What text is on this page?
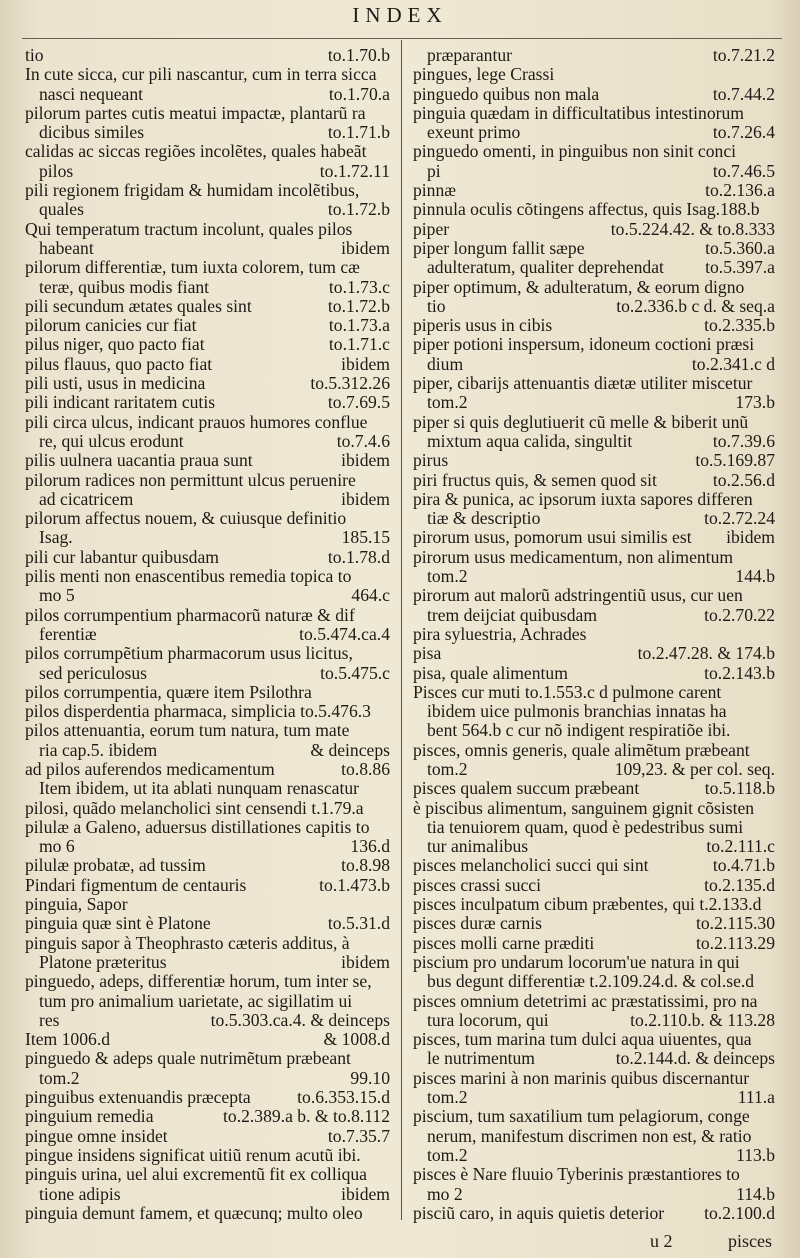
INDEX
tio	to.1.70.b
In cute sicca, cur pili nascantur, cum in terra sicca
nasci nequeant	to.1.70.a
pilorum partes cutis meatui impactæ, plantarũ ra
dicibus similes	to.1.71.b
calidas ac siccas regiões incolẽtes, quales habeãt
pilos	to.1.72.11
pili regionem frigidam & humidam incolẽtibus,
quales	to.1.72.b
Qui temperatum tractum incolunt, quales pilos
habeant	ibidem
pilorum differentiæ, tum iuxta colorem, tum cæ
teræ, quibus modis fiant	to.1.73.c
pili secundum ætates quales sint	to.1.72.b
pilorum canicies cur fiat	to.1.73.a
pilus niger, quo pacto fiat	to.1.71.c
pilus flauus, quo pacto fiat	ibidem
pili usti, usus in medicina	to.5.312.26
pili indicant raritatem cutis	to.7.69.5
pili circa ulcus, indicant prauos humores conflue
re, qui ulcus erodunt	to.7.4.6
pilis uulnera uacantia praua sunt	ibidem
pilorum radices non permittunt ulcus peruenire
ad cicatricem	ibidem
pilorum affectus nouem, & cuiusque definitio
Isag.	185.15
pili cur labantur quibusdam	to.1.78.d
pilis menti non enascentibus remedia topica to
mo 5	464.c
pilos corrumpentium pharmacorũ naturæ & dif
ferentiæ	to.5.474.ca.4
pilos corrumpẽtium pharmacorum usus licitus,
sed periculosus	to.5.475.c
pilos corrumpentia, quære item Psilothra
pilos disperdentia pharmaca, simplicia to.5.476.3
pilos attenuantia, eorum tum natura, tum mate
ria cap.5. ibidem	& deinceps
ad pilos auferendos medicamentum	to.8.86
Item ibidem, ut ita ablati nunquam renascatur
pilosi, quãdo melancholici sint censendi t.1.79.a
pilulæ a Galeno, aduersus distillationes capitis to
mo 6	136.d
pilulæ probatæ, ad tussim	to.8.98
Pindari figmentum de centauris	to.1.473.b
pinguia, Sapor
pinguia quæ sint è Platone	to.5.31.d
pinguis sapor à Theophrasto cæteris additus, à
Platone præteritus	ibidem
pinguedo, adeps, differentiæ horum, tum inter se,
tum pro animalium uarietate, ac sigillatim ui
res	to.5.303.ca.4. & deinceps
Item 1006.d	& 1008.d
pinguedo & adeps quale nutrimẽtum præbeant
tom.2	99.10
pinguibus extenuandis præcepta	to.6.353.15.d
pinguium remedia	to.2.389.a b. & to.8.112
pingue omne insidet	to.7.35.7
pingue insidens significat uitiũ renum acutũ ibi.
pinguis urina, uel alui excrementũ fit ex colliqua
tione adipis	ibidem
pinguia demunt famem, et quæcunq; multo oleo
præparantur	to.7.21.2
pingues, lege Crassi
pinguedo quibus non mala	to.7.44.2
pinguia quædam in difficultatibus intestinorum
exeunt primo	to.7.26.4
pinguedo omenti, in pinguibus non sinit conci
pi	to.7.46.5
pinnæ	to.2.136.a
pinnula oculis cõtingens affectus, quis Isag.188.b
piper	to.5.224.42. & to.8.333
piper longum fallit sæpe	to.5.360.a
adulteratum, qualiter deprehendat to.5.397.a
piper optimum, & adulteratum, & eorum digno
tio	to.2.336.b c d. & seq.a
piperis usus in cibis	to.2.335.b
piper potioni inspersum, idoneum coctioni præsi
dium	to.2.341.c d
piper, cibarijs attenuantis diætæ utiliter miscetur
tom.2	173.b
piper si quis deglutiuerit cũ melle & biberit unũ
mixtum aqua calida, singultit	to.7.39.6
pirus	to.5.169.87
piri fructus quis, & semen quod sit	to.2.56.d
pira & punica, ac ipsorum iuxta sapores differen
tiæ & descriptio	to.2.72.24
pirorum usus, pomorum usui similis est ibidem
pirorum usus medicamentum, non alimentum
tom.2	144.b
pirorum aut malorũ adstringentiũ usus, cur uen
trem deijciat quibusdam	to.2.70.22
pira syluestria, Achrades
pisa	to.2.47.28. & 174.b
pisa, quale alimentum	to.2.143.b
Pisces cur muti to.1.553.c d pulmone carent
ibidem uice pulmonis branchias innatas ha
bent 564.b c cur nõ indigent respiratiõe ibi.
pisces, omnis generis, quale alimẽtum præbeant
tom.2	109,23. & per col. seq.
pisces qualem succum præbeant	to.5.118.b
è piscibus alimentum, sanguinem gignit cõsisten
tia tenuiorem quam, quod è pedestribus sumi
tur animalibus	to.2.111.c
pisces melancholici succi qui sint	to.4.71.b
pisces crassi succi	to.2.135.d
pisces inculpatum cibum præbentes, qui t.2.133.d
pisces duræ carnis	to.2.115.30
pisces molli carne præditi	to.2.113.29
piscium pro undarum locorum'ue natura in qui
bus degunt differentiæ t.2.109.24.d. & col.se.d
pisces omnium detetrimi ac præstatissimi, pro na
tura locorum, qui	to.2.110.b. & 113.28
pisces, tum marina tum dulci aqua uiuentes, qua
le nutrimentum	to.2.144.d. & deinceps
pisces marini à non marinis quibus discernantur
tom.2	111.a
piscium, tum saxatilium tum pelagiorum, conge
nerum, manifestum discrimen non est, & ratio
tom.2	113.b
pisces è Nare fluuio Tyberinis præstantiores to
mo 2	114.b
pisciũ caro, in aquis quietis deterior to.2.100.d
u 2	pisces
